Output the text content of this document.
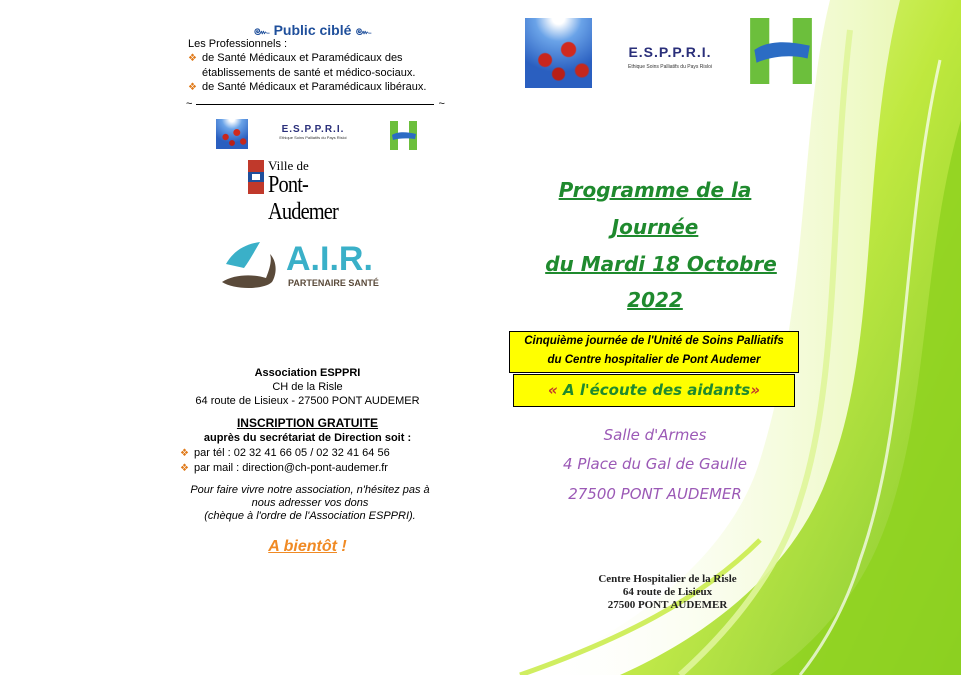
๛ Public ciblé ๛
Les Professionnels :
❖ de Santé Médicaux et Paramédicaux des
établissements de santé et médico-sociaux.
❖ de Santé Médicaux et Paramédicaux libéraux.
~	~
E.S.P.P.R.I.
Ethique Soins Palliatifs du Pays Risloi
Ville de
Pont-Audemer
A.I.R.
PARTENAIRE SANTÉ
Association ESPPRI
CH de la Risle
64 route de Lisieux - 27500 PONT AUDEMER
INSCRIPTION GRATUITE
auprès du secrétariat de Direction soit :
❖ par tél : 02 32 41 66 05 / 02 32 41 64 56
❖ par mail : direction@ch-pont-audemer.fr
Pour faire vivre notre association, n'hésitez pas à
nous adresser vos dons
(chèque à l'ordre de l'Association ESPPRI).
A bientôt !
E.S.P.P.R.I.
Ethique Soins Palliatifs du Pays Risloi
Programme de la
Journée
du Mardi 18 Octobre
2022
Cinquième journée de l'Unité de Soins Palliatifs
du Centre hospitalier de Pont Audemer
« A l'écoute des aidants»
Salle d'Armes
4 Place du Gal de Gaulle
27500 PONT AUDEMER
Centre Hospitalier de la Risle
64 route de Lisieux
27500 PONT AUDEMER
